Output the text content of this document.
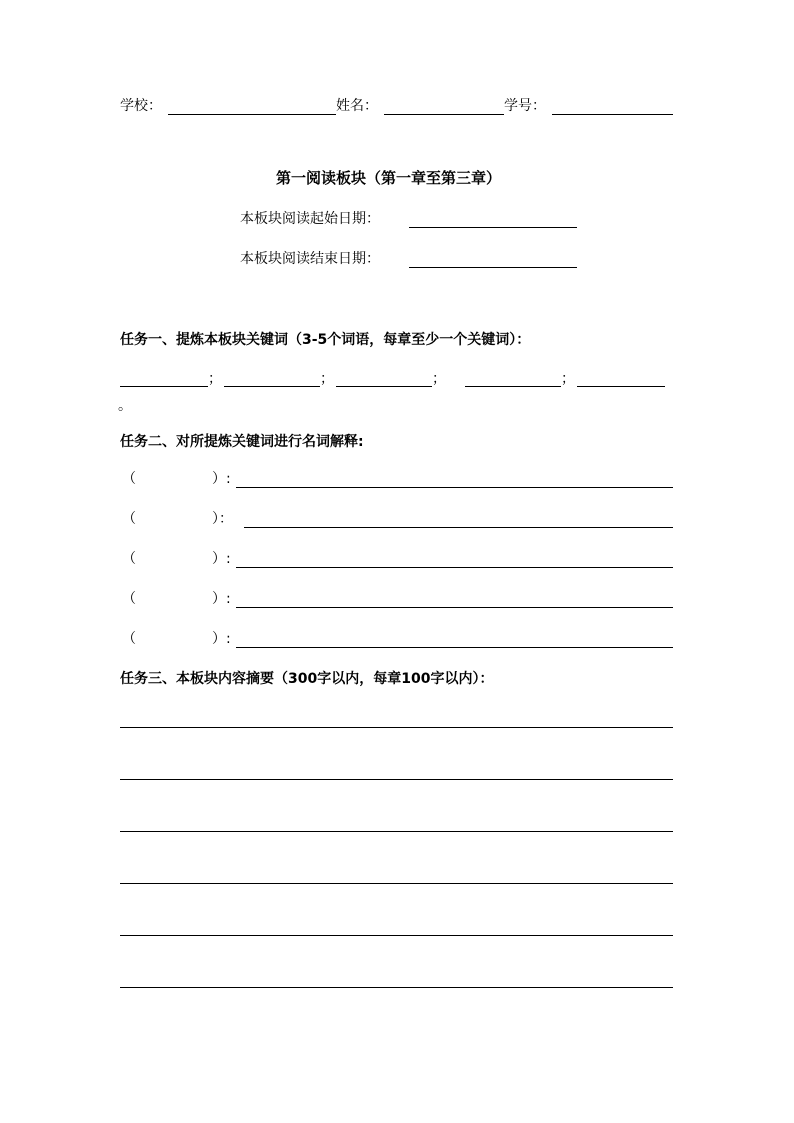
学校：	姓名：	学号：
第一阅读板块（第一章至第三章）
本板块阅读起始日期：
本板块阅读结束日期：
任务一、提炼本板块关键词（3-5个词语，每章至少一个关键词）：
；	；	；	；
。
任务二、对所提炼关键词进行名词解释:
（	）:
（	）：
（	）:
（	）:
（	）:
任务三、本板块内容摘要（300字以内，每章100字以内）：
